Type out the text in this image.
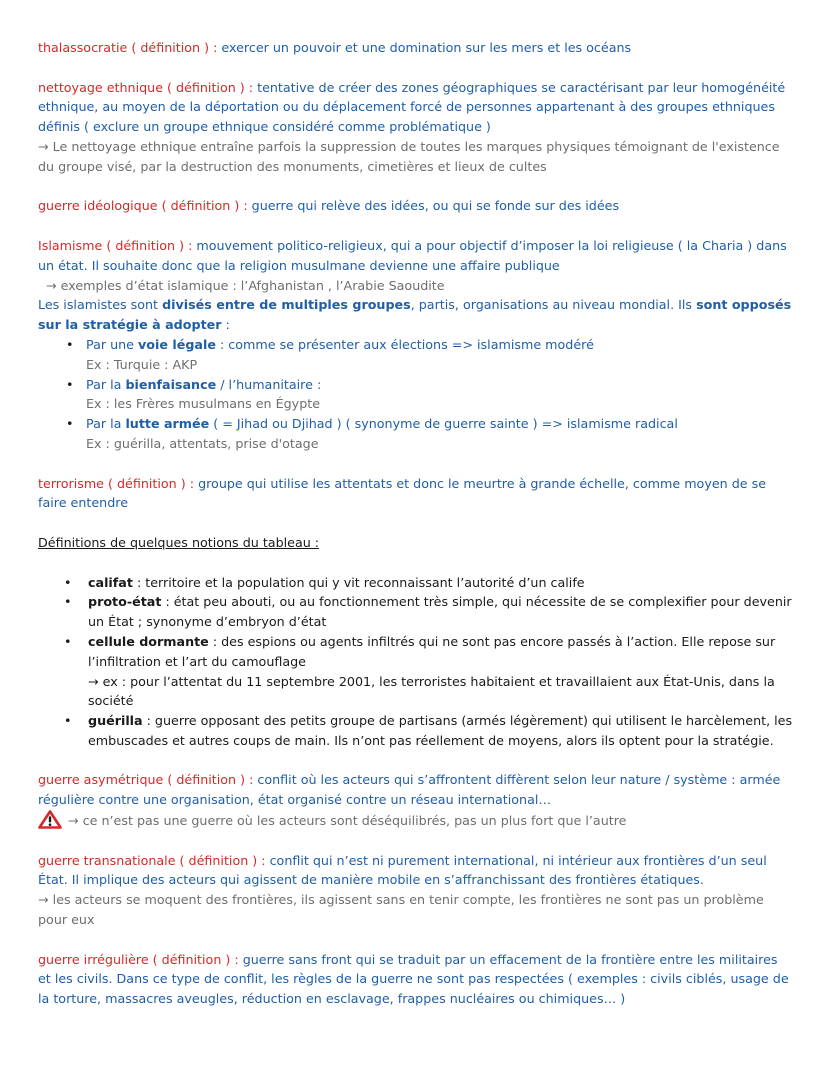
thalassocratie ( définition ) : exercer un pouvoir et une domination sur les mers et les océans

nettoyage ethnique ( définition ) : tentative de créer des zones géographiques se caractérisant par leur homogénéité ethnique, au moyen de la déportation ou du déplacement forcé de personnes appartenant à des groupes ethniques définis ( exclure un groupe ethnique considéré comme problématique )

→ Le nettoyage ethnique entraîne parfois la suppression de toutes les marques physiques témoignant de l'existence du groupe visé, par la destruction des monuments, cimetières et lieux de cultes

guerre idéologique ( définition ) : guerre qui relève des idées, ou qui se fonde sur des idées

Islamisme ( définition ) : mouvement politico-religieux, qui a pour objectif d’imposer la loi religieuse ( la Charia ) dans un état. Il souhaite donc que la religion musulmane devienne une affaire publique

→ exemples d’état islamique : l’Afghanistan , l’Arabie Saoudite

Les islamistes sont divisés entre de multiples groupes, partis, organisations au niveau mondial. Ils sont opposés sur la stratégie à adopter :

• Par une voie légale : comme se présenter aux élections => islamisme modéré

Ex : Turquie : AKP

• Par la bienfaisance / l’humanitaire :

Ex : les Frères musulmans en Égypte

• Par la lutte armée ( = Jihad ou Djihad ) ( synonyme de guerre sainte ) => islamisme radical

Ex : guérilla, attentats, prise d'otage

terrorisme ( définition ) : groupe qui utilise les attentats et donc le meurtre à grande échelle, comme moyen de se faire entendre

Définitions de quelques notions du tableau :

• califat : territoire et la population qui y vit reconnaissant l’autorité d’un calife
• proto-état : état peu abouti, ou au fonctionnement très simple, qui nécessite de se complexifier pour devenir un État ; synonyme d’embryon d’état
• cellule dormante : des espions ou agents infiltrés qui ne sont pas encore passés à l’action. Elle repose sur l’infiltration et l’art du camouflage
→ ex : pour l’attentat du 11 septembre 2001, les terroristes habitaient et travaillaient aux État-Unis, dans la société
• guérilla : guerre opposant des petits groupe de partisans (armés légèrement) qui utilisent le harcèlement, les embuscades et autres coups de main. Ils n’ont pas réellement de moyens, alors ils optent pour la stratégie.

guerre asymétrique ( définition ) : conflit où les acteurs qui s’affrontent diffèrent selon leur nature / système : armée régulière contre une organisation, état organisé contre un réseau international…

→ ce n’est pas une guerre où les acteurs sont déséquilibrés, pas un plus fort que l’autre

guerre transnationale ( définition ) : conflit qui n’est ni purement international, ni intérieur aux frontières d’un seul État. Il implique des acteurs qui agissent de manière mobile en s’affranchissant des frontières étatiques.

→ les acteurs se moquent des frontières, ils agissent sans en tenir compte, les frontières ne sont pas un problème pour eux

guerre irrégulière ( définition ) : guerre sans front qui se traduit par un effacement de la frontière entre les militaires et les civils. Dans ce type de conflit, les règles de la guerre ne sont pas respectées ( exemples : civils ciblés, usage de la torture, massacres aveugles, réduction en esclavage, frappes nucléaires ou chimiques… )
